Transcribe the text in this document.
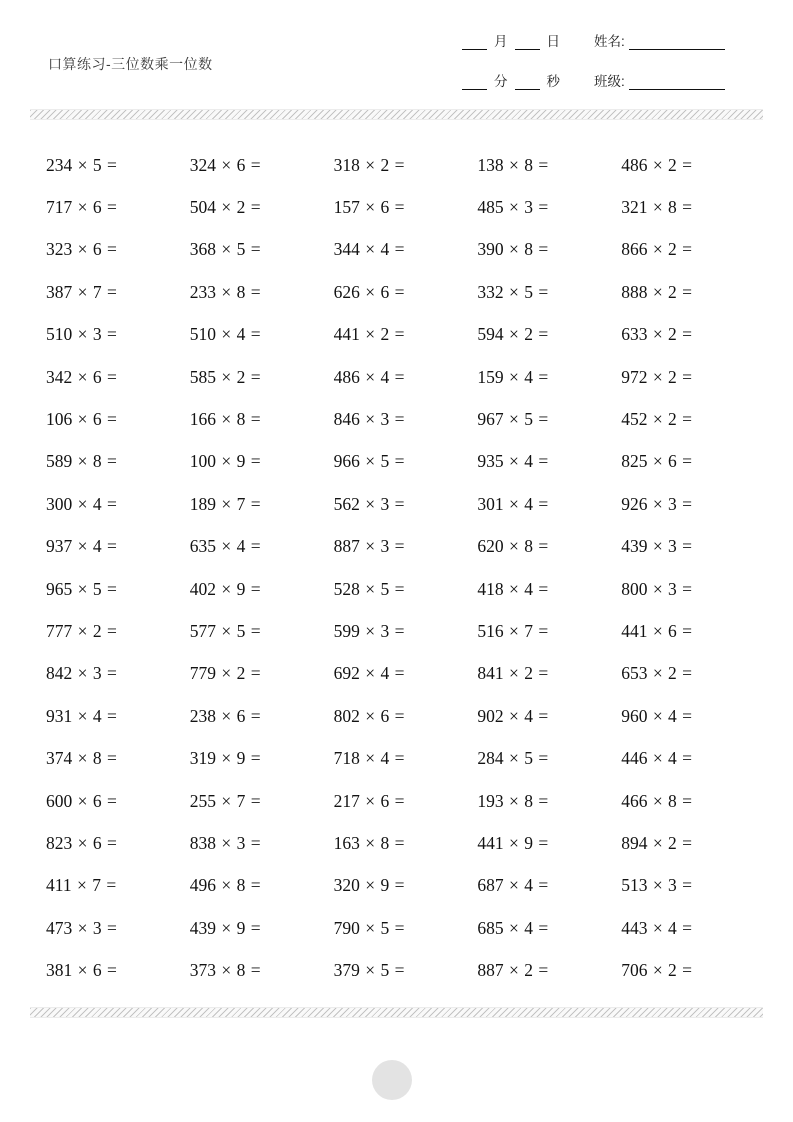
口算练习-三位数乘一位数
月	日	姓名:
分	秒	班级:
234 × 5 =	324 × 6 =	318 × 2 =	138 × 8 =	486 × 2 =
717 × 6 =	504 × 2 =	157 × 6 =	485 × 3 =	321 × 8 =
323 × 6 =	368 × 5 =	344 × 4 =	390 × 8 =	866 × 2 =
387 × 7 =	233 × 8 =	626 × 6 =	332 × 5 =	888 × 2 =
510 × 3 =	510 × 4 =	441 × 2 =	594 × 2 =	633 × 2 =
342 × 6 =	585 × 2 =	486 × 4 =	159 × 4 =	972 × 2 =
106 × 6 =	166 × 8 =	846 × 3 =	967 × 5 =	452 × 2 =
589 × 8 =	100 × 9 =	966 × 5 =	935 × 4 =	825 × 6 =
300 × 4 =	189 × 7 =	562 × 3 =	301 × 4 =	926 × 3 =
937 × 4 =	635 × 4 =	887 × 3 =	620 × 8 =	439 × 3 =
965 × 5 =	402 × 9 =	528 × 5 =	418 × 4 =	800 × 3 =
777 × 2 =	577 × 5 =	599 × 3 =	516 × 7 =	441 × 6 =
842 × 3 =	779 × 2 =	692 × 4 =	841 × 2 =	653 × 2 =
931 × 4 =	238 × 6 =	802 × 6 =	902 × 4 =	960 × 4 =
374 × 8 =	319 × 9 =	718 × 4 =	284 × 5 =	446 × 4 =
600 × 6 =	255 × 7 =	217 × 6 =	193 × 8 =	466 × 8 =
823 × 6 =	838 × 3 =	163 × 8 =	441 × 9 =	894 × 2 =
411 × 7 =	496 × 8 =	320 × 9 =	687 × 4 =	513 × 3 =
473 × 3 =	439 × 9 =	790 × 5 =	685 × 4 =	443 × 4 =
381 × 6 =	373 × 8 =	379 × 5 =	887 × 2 =	706 × 2 =
